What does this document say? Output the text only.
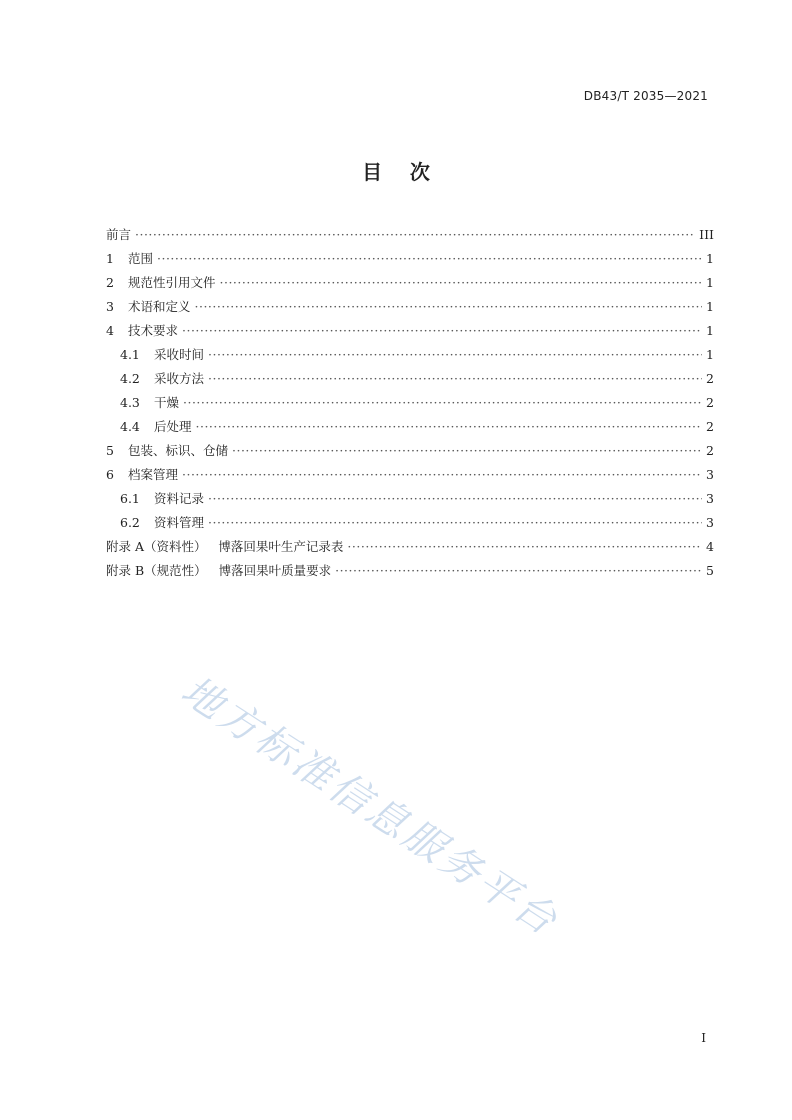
DB43/T 2035—2021
目    次
前言 ·····	III
1	范围 ·····	1
2	规范性引用文件 ·····	1
3	术语和定义 ·····	1
4	技术要求 ·····	1
4.1	采收时间 ·····	1
4.2	采收方法 ·····	2
4.3	干燥 ·····	2
4.4	后处理 ·····	2
5	包装、标识、仓储 ·····	2
6	档案管理 ·····	3
6.1	资料记录 ·····	3
6.2	资料管理 ·····	3
附录 A（资料性）   博落回果叶生产记录表 ·····	4
附录 B（规范性）   博落回果叶质量要求 ·····	5
地方标准信息服务平台
I
